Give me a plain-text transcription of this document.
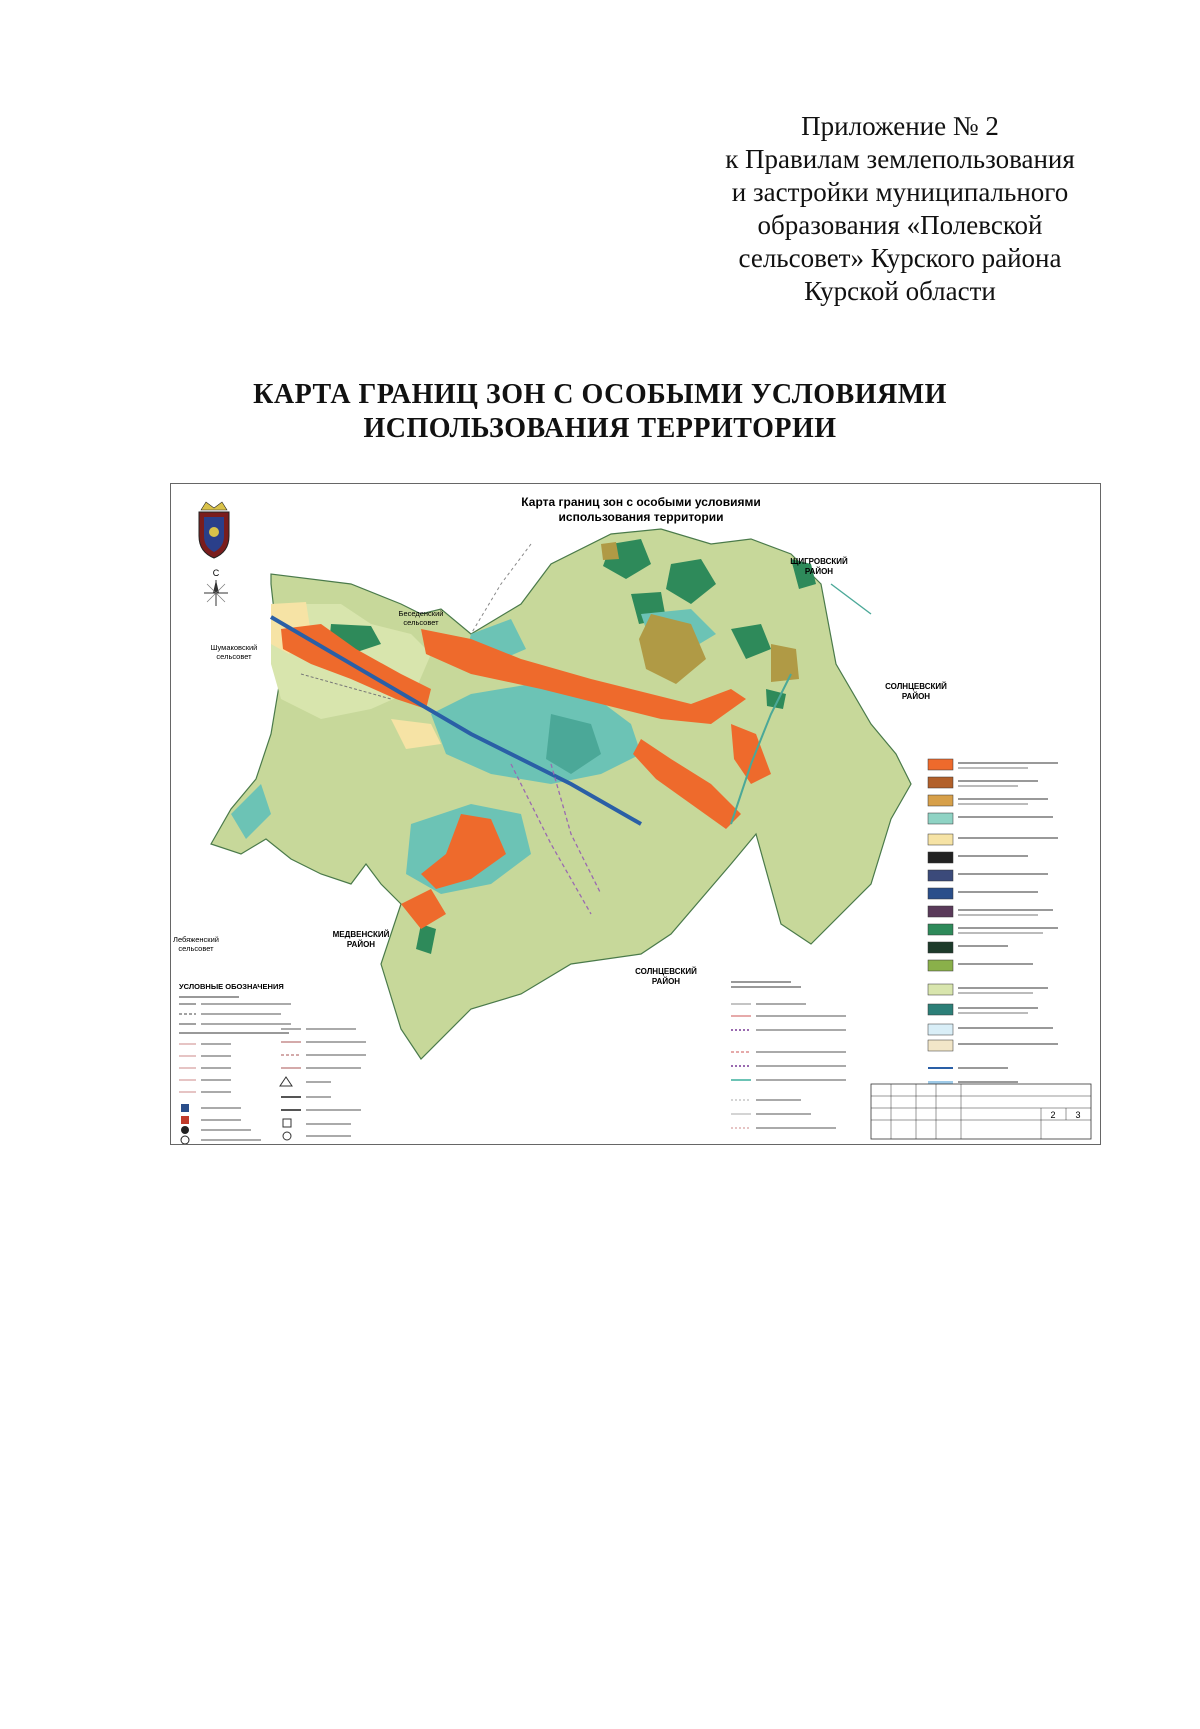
Приложение № 2
к Правилам землепользования
и застройки муниципального
образования «Полевской
сельсовет» Курского района
Курской области
КАРТА ГРАНИЦ ЗОН С ОСОБЫМИ УСЛОВИЯМИ
ИСПОЛЬЗОВАНИЯ ТЕРРИТОРИИ
Карта границ зон с особыми условиями
использования территории
С
ЩИГРОВСКИЙ
РАЙОН
Беседенский
сельсовет
Шумаковский
сельсовет
СОЛНЦЕВСКИЙ
РАЙОН
Лебяженский
сельсовет
МЕДВЕНСКИЙ
РАЙОН
СОЛНЦЕВСКИЙ
РАЙОН
УСЛОВНЫЕ ОБОЗНАЧЕНИЯ
2 3
